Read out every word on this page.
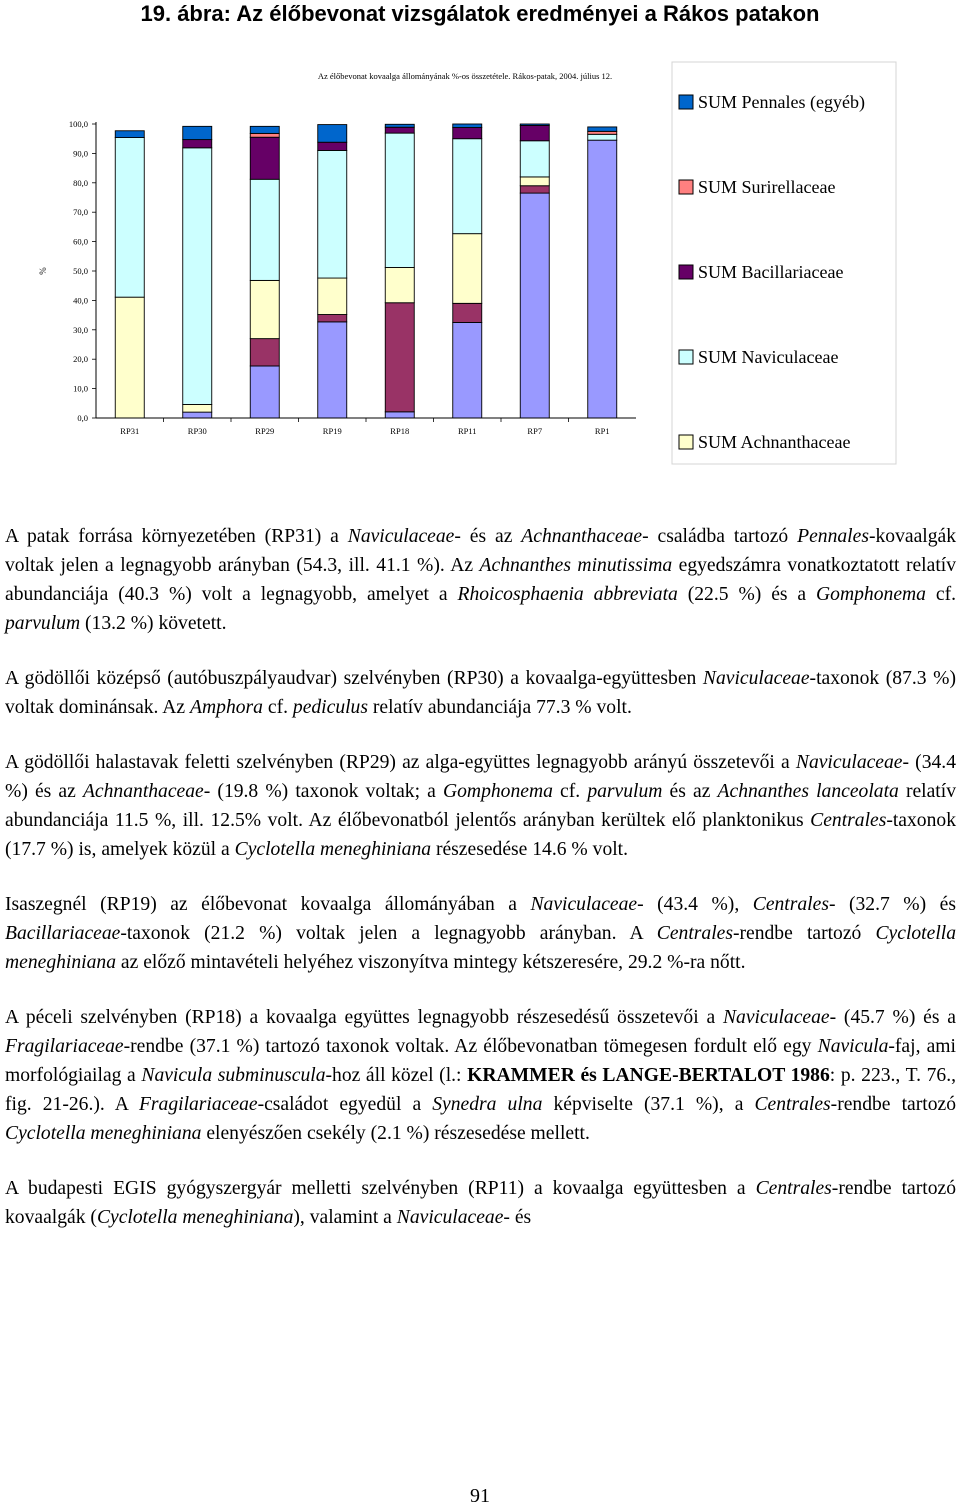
19. ábra: Az élőbevonat vizsgálatok eredményei a Rákos patakon
Az élőbevonat kovaalga állományának %-os összetétele. Rákos-patak, 2004. július 12.
%
0,0
10,0
20,0
30,0
40,0
50,0
60,0
70,0
80,0
90,0
100,0
RP31	RP30	RP29	RP19	RP18	RP11	RP7	RP1
SUM Pennales (egyéb)
SUM Surirellaceae
SUM Bacillariaceae
SUM Naviculaceae
SUM Achnanthaceae

A patak forrása környezetében (RP31) a Naviculaceae- és az Achnanthaceae- családba tartozó Pennales-kovaalgák voltak jelen a legnagyobb arányban (54.3, ill. 41.1 %). Az Achnanthes minutissima egyedszámra vonatkoztatott relatív abundanciája (40.3 %) volt a legnagyobb, amelyet a Rhoicosphaenia abbreviata (22.5 %) és a Gomphonema cf. parvulum (13.2 %) követett.

A gödöllői középső (autóbuszpályaudvar) szelvényben (RP30) a kovaalga-együttesben Naviculaceae-taxonok (87.3 %) voltak dominánsak. Az Amphora cf. pediculus relatív abundanciája 77.3 % volt.

A gödöllői halastavak feletti szelvényben (RP29) az alga-együttes legnagyobb arányú összetevői a Naviculaceae- (34.4 %) és az Achnanthaceae- (19.8 %) taxonok voltak; a Gomphonema cf. parvulum és az Achnanthes lanceolata relatív abundanciája 11.5 %, ill. 12.5% volt. Az élőbevonatból jelentős arányban kerültek elő planktonikus Centrales-taxonok (17.7 %) is, amelyek közül a Cyclotella meneghiniana részesedése 14.6 % volt.

Isaszegnél (RP19) az élőbevonat kovaalga állományában a Naviculaceae- (43.4 %), Centrales- (32.7 %) és Bacillariaceae-taxonok (21.2 %) voltak jelen a legnagyobb arányban. A Centrales-rendbe tartozó Cyclotella meneghiniana az előző mintavételi helyéhez viszonyítva mintegy kétszeresére, 29.2 %-ra nőtt.

A péceli szelvényben (RP18) a kovaalga együttes legnagyobb részesedésű összetevői a Naviculaceae- (45.7 %) és a Fragilariaceae-rendbe (37.1 %) tartozó taxonok voltak. Az élőbevonatban tömegesen fordult elő egy Navicula-faj, ami morfológiailag a Navicula subminuscula-hoz áll közel (l.: KRAMMER és LANGE-BERTALOT 1986: p. 223., T. 76., fig. 21-26.). A Fragilariaceae-családot egyedül a Synedra ulna képviselte (37.1 %), a Centrales-rendbe tartozó Cyclotella meneghiniana elenyészően csekély (2.1 %) részesedése mellett.

A budapesti EGIS gyógyszergyár melletti szelvényben (RP11) a kovaalga együttesben a Centrales-rendbe tartozó kovaalgák (Cyclotella meneghiniana), valamint a Naviculaceae- és

91
